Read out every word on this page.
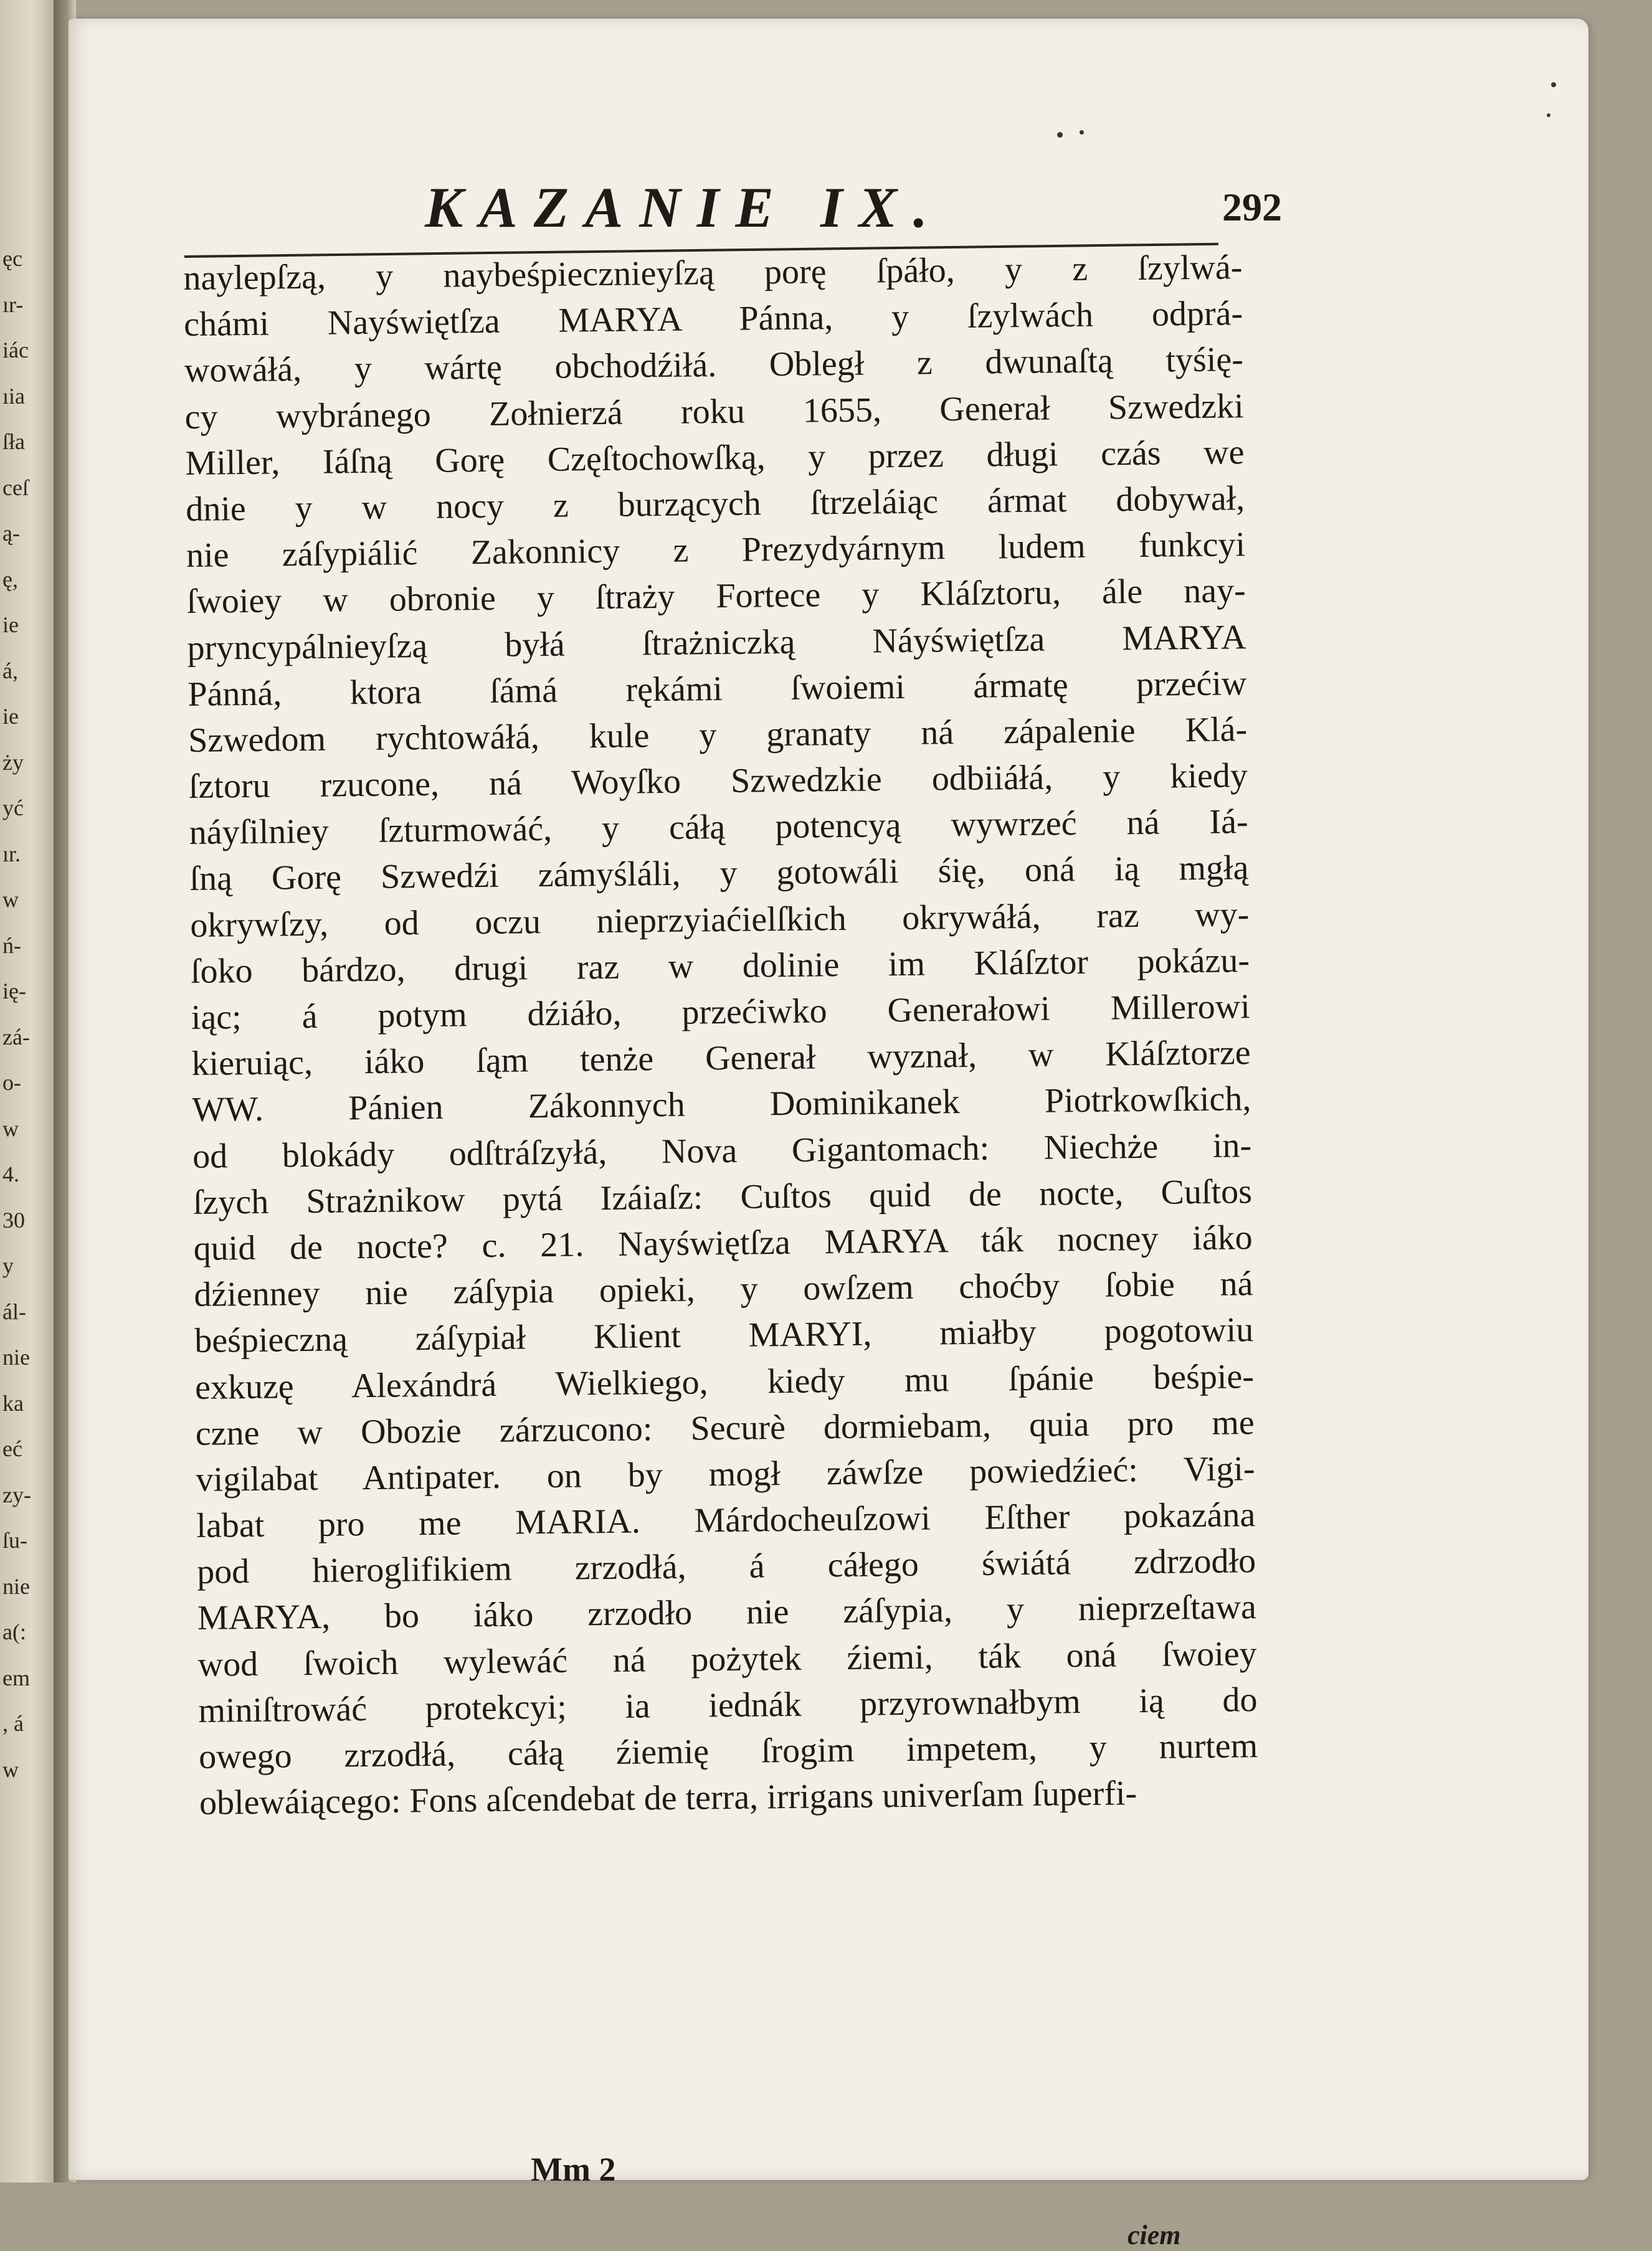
ęc
ır-
iác
ıia
ſła
ceſ
ą-
ę,
ie
á,
ie
ży
yć
ır.
w
ń-
ię-
zá-
o-
w
4.
30
y
ál-
nie
ka
eć
zy-
ſu-
nie
a(:
em
, á
w
KAZANIE IX.	292
naylepſzą, y naybeśpiecznieyſzą porę ſpáło, y z ſzylwá-
chámi Nayświętſza MARYA Pánna, y ſzylwách odprá-
wowáłá, y wártę obchodźiłá. Obległ z dwunaſtą tyśię-
cy wybránego Zołnierzá roku 1655, Generał Szwedzki
Miller, Iáſną Gorę Częſtochowſką, y przez długi czás we
dnie y w nocy z burzących ſtrzeláiąc ármat dobywał,
nie záſypiálić Zakonnicy z Prezydyárnym ludem funkcyi
ſwoiey w obronie y ſtraży Fortece y Kláſztoru, ále nay-
pryncypálnieyſzą byłá ſtrażniczką Náyświętſza MARYA
Pánná, ktora ſámá rękámi ſwoiemi ármatę przećiw
Szwedom rychtowáłá, kule y granaty ná zápalenie Klá-
ſztoru rzucone, ná Woyſko Szwedzkie odbiiáłá, y kiedy
náyſilniey ſzturmowáć, y cáłą potencyą wywrzeć ná Iá-
ſną Gorę Szwedźi zámyśláli, y gotowáli śię, oná ią mgłą
okrywſzy, od oczu nieprzyiaćielſkich okrywáłá, raz wy-
ſoko bárdzo, drugi raz w dolinie im Kláſztor pokázu-
iąc; á potym dźiáło, przećiwko Generałowi Millerowi
kieruiąc, iáko ſąm tenże Generał wyznał, w Kláſztorze
WW. Pánien Zákonnych Dominikanek Piotrkowſkich,
od blokády odſtráſzyłá, Nova Gigantomach: Niechże in-
ſzych Strażnikow pytá Izáiaſz: Cuſtos quid de nocte, Cuſtos
quid de nocte? c. 21. Nayświętſza MARYA ták nocney iáko
dźienney nie záſypia opieki, y owſzem choćby ſobie ná
beśpieczną záſypiał Klient MARYI, miałby pogotowiu
exkuzę Alexándrá Wielkiego, kiedy mu ſpánie beśpie-
czne w Obozie zárzucono: Securè dormiebam, quia pro me
vigilabat Antipater. on by mogł záwſze powiedźieć: Vigi-
labat pro me MARIA. Márdocheuſzowi Eſther pokazána
pod hieroglifikiem zrzodłá, á cáłego świátá zdrzodło
MARYA, bo iáko zrzodło nie záſypia, y nieprzeſtawa
wod ſwoich wylewáć ná pożytek źiemi, ták oná ſwoiey
miniſtrowáć protekcyi; ia iednák przyrownałbym ią do
owego zrzodłá, cáłą źiemię ſrogim impetem, y nurtem
oblewáiącego: Fons aſcendebat de terra, irrigans univerſam ſuperfi-
Mm 2
ciem
